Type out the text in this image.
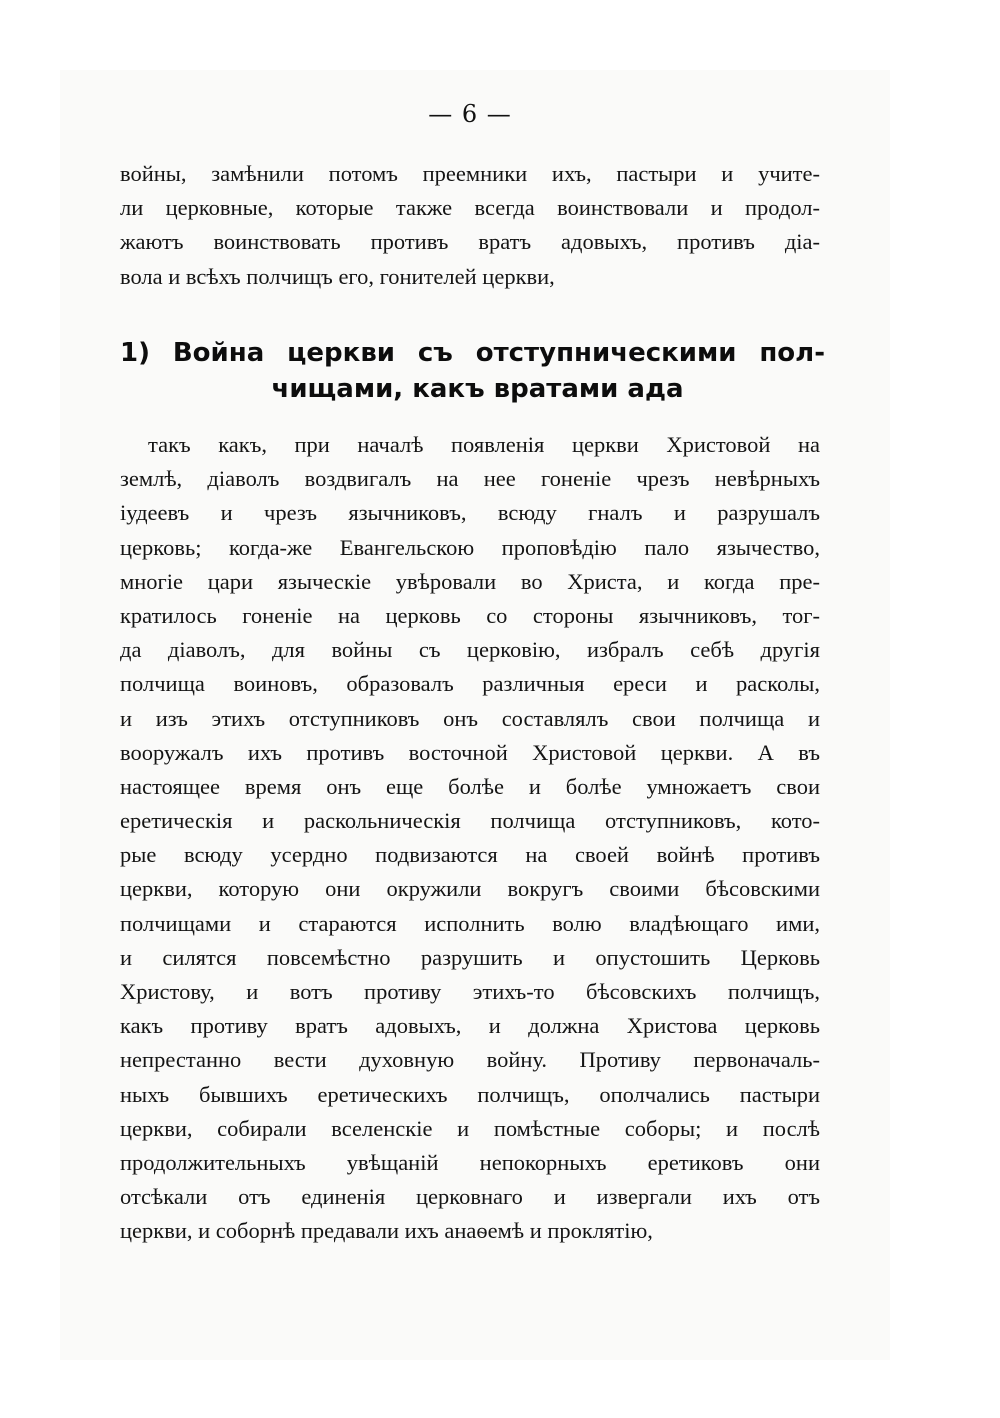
— 6 —
войны, замѣнили потомъ преемники ихъ, пастыри и учите-
ли церковные, которые также всегда воинствовали и продол-
жаютъ воинствовать противъ вратъ адовыхъ, противъ діа-
вола и всѣхъ полчищъ его, гонителей церкви,
1) Война церкви съ отступническими пол-
чищами, какъ вратами ада
такъ какъ, при началѣ появленія церкви Христовой на
землѣ, діаволъ воздвигалъ на нее гоненіе чрезъ невѣрныхъ
іудеевъ и чрезъ язычниковъ, всюду гналъ и разрушалъ
церковь; когда-же Евангельскою проповѣдію пало язычество,
многіе цари языческіе увѣровали во Христа, и когда пре-
кратилось гоненіе на церковь со стороны язычниковъ, тог-
да діаволъ, для войны съ церковію, избралъ себѣ другія
полчища воиновъ, образовалъ различныя ереси и расколы,
и изъ этихъ отступниковъ онъ составлялъ свои полчища и
вооружалъ ихъ противъ восточной Христовой церкви. А въ
настоящее время онъ еще болѣе и болѣе умножаетъ свои
еретическія и раскольническія полчища отступниковъ, кото-
рые всюду усердно подвизаются на своей войнѣ противъ
церкви, которую они окружили вокругъ своими бѣсовскими
полчищами и стараются исполнить волю владѣющаго ими,
и силятся повсемѣстно разрушить и опустошить Церковь
Христову, и вотъ противу этихъ-то бѣсовскихъ полчищъ,
какъ противу вратъ адовыхъ, и должна Христова церковь
непрестанно вести духовную войну. Противу первоначаль-
ныхъ бывшихъ еретическихъ полчищъ, ополчались пастыри
церкви, собирали вселенскіе и помѣстные соборы; и послѣ
продолжительныхъ увѣщаній непокорныхъ еретиковъ они
отсѣкали отъ единенія церковнаго и извергали ихъ отъ
церкви, и соборнѣ предавали ихъ анаѳемѣ и проклятію,
